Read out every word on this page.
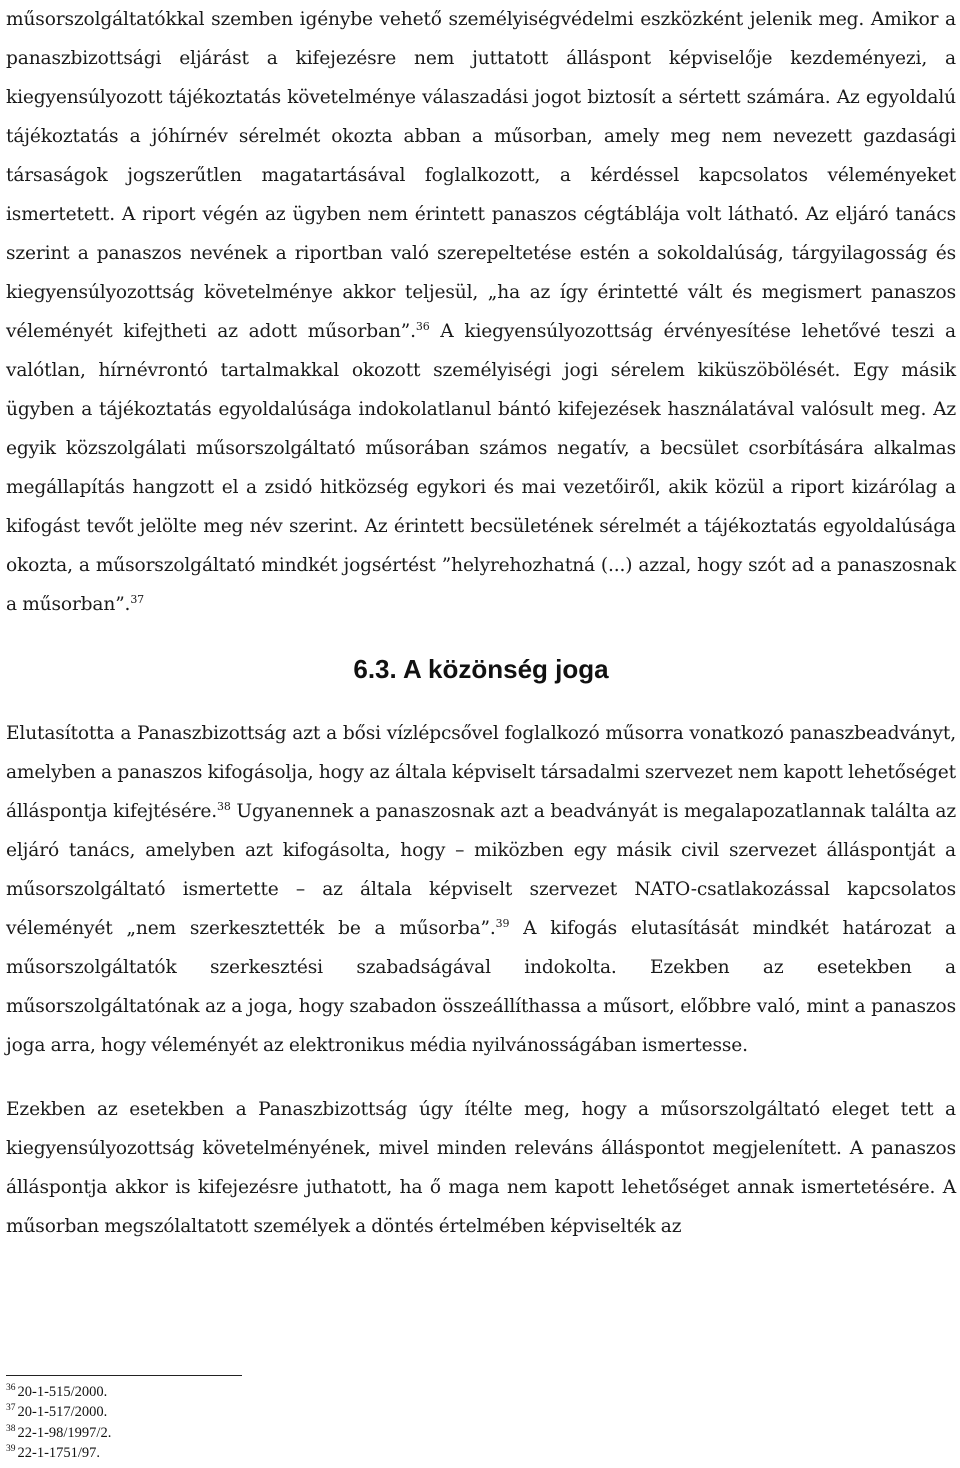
műsorszolgáltatókkal szemben igénybe vehető személyiségvédelmi eszközként jelenik meg. Amikor a panaszbizottsági eljárást a kifejezésre nem juttatott álláspont képviselője kezdeményezi, a kiegyensúlyozott tájékoztatás követelménye válaszadási jogot biztosít a sértett számára. Az egyoldalú tájékoztatás a jóhírnév sérelmét okozta abban a műsorban, amely meg nem nevezett gazdasági társaságok jogszerűtlen magatartásával foglalkozott, a kérdéssel kapcsolatos véleményeket ismertetett. A riport végén az ügyben nem érintett panaszos cégtáblája volt látható. Az eljáró tanács szerint a panaszos nevének a riportban való szerepeltetése estén a sokoldalúság, tárgyilagosság és kiegyensúlyozottság követelménye akkor teljesül, „ha az így érintetté vált és megismert panaszos véleményét kifejtheti az adott műsorban”.$^{36}$ A kiegyensúlyozottság érvényesítése lehetővé teszi a valótlan, hírnévrontó tartalmakkal okozott személyiségi jogi sérelem kiküszöbölését. Egy másik ügyben a tájékoztatás egyoldalúsága indokolatlanul bántó kifejezések használatával valósult meg. Az egyik közszolgálati műsorszolgáltató műsorában számos negatív, a becsület csorbítására alkalmas megállapítás hangzott el a zsidó hitközség egykori és mai vezetőiről, akik közül a riport kizárólag a kifogást tevőt jelölte meg név szerint. Az érintett becsületének sérelmét a tájékoztatás egyoldalúsága okozta, a műsorszolgáltató mindkét jogsértést ”helyrehozhatná (...) azzal, hogy szót ad a panaszosnak a műsorban”.$^{37}$

6.3. A közönség joga

Elutasította a Panaszbizottság azt a bősi vízlépcsővel foglalkozó műsorra vonatkozó panaszbeadványt, amelyben a panaszos kifogásolja, hogy az általa képviselt társadalmi szervezet nem kapott lehetőséget álláspontja kifejtésére.$^{38}$ Ugyanennek a panaszosnak azt a beadványát is megalapozatlannak találta az eljáró tanács, amelyben azt kifogásolta, hogy – miközben egy másik civil szervezet álláspontját a műsorszolgáltató ismertette – az általa képviselt szervezet NATO-csatlakozással kapcsolatos véleményét „nem szerkesztették be a műsorba”.$^{39}$ A kifogás elutasítását mindkét határozat a műsorszolgáltatók szerkesztési szabadságával indokolta. Ezekben az esetekben a műsorszolgáltatónak az a joga, hogy szabadon összeállíthassa a műsort, előbbre való, mint a panaszos joga arra, hogy véleményét az elektronikus média nyilvánosságában ismertesse.

Ezekben az esetekben a Panaszbizottság úgy ítélte meg, hogy a műsorszolgáltató eleget tett a kiegyensúlyozottság követelményének, mivel minden releváns álláspontot megjelenített. A panaszos álláspontja akkor is kifejezésre juthatott, ha ő maga nem kapott lehetőséget annak ismertetésére. A műsorban megszólaltatott személyek a döntés értelmében képviselték az

$^{36}$ 20-1-515/2000.

$^{37}$ 20-1-517/2000.

$^{38}$ 22-1-98/1997/2.

$^{39}$ 22-1-1751/97.
